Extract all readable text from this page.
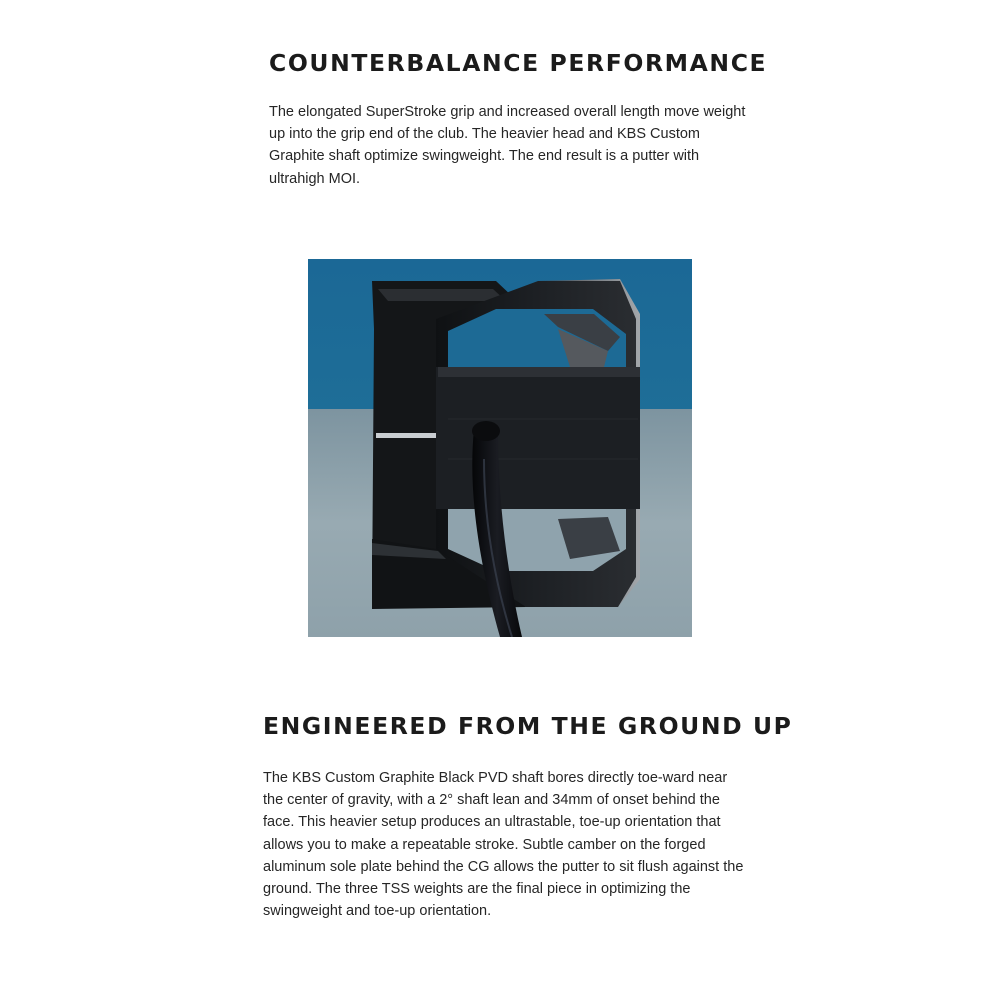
COUNTERBALANCE PERFORMANCE

The elongated SuperStroke grip and increased overall length move weight up into the grip end of the club. The heavier head and KBS Custom Graphite shaft optimize swingweight. The end result is a putter with ultrahigh MOI.

ENGINEERED FROM THE GROUND UP

The KBS Custom Graphite Black PVD shaft bores directly toe-ward near the center of gravity, with a 2° shaft lean and 34mm of onset behind the face. This heavier setup produces an ultrastable, toe-up orientation that allows you to make a repeatable stroke. Subtle camber on the forged aluminum sole plate behind the CG allows the putter to sit flush against the ground. The three TSS weights are the final piece in optimizing the swingweight and toe-up orientation.
